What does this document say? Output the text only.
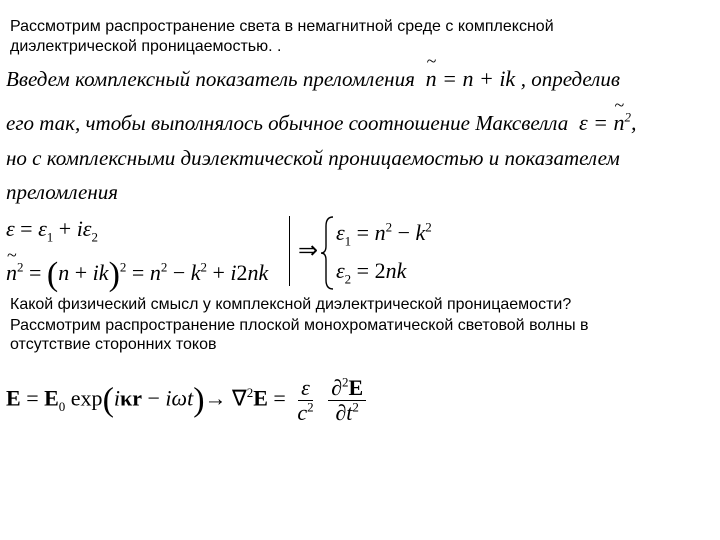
Рассмотрим распространение света в немагнитной среде с комплексной
диэлектрической проницаемостью. .
Введем комплексный показатель преломления  ~ n = n + ik , определив
его так, чтобы выполнялось обычное соотношение Максвелла ε = ~ $n^2$,
но с комплексными диэлектической проницаемостью и показателем
преломления
$\varepsilon = \varepsilon_1 + i\varepsilon_2$
~ $n^2 = (n + ik)^2 = n^2 - k^2 + i2nk$
⇒
$\varepsilon_1 = n^2 - k^2$
$\varepsilon_2 = 2nk$
Какой физический смысл у комплексной диэлектрической проницаемости?
Рассмотрим распространение плоской монохроматической световой волны в
отсутствие сторонних токов
$E = E_0$ $\exp(i\kappa r - i\omega t)\to \nabla^2E = \frac{\varepsilon}{c^2}$
$\frac{\partial^2E}{\partial t^2}$
